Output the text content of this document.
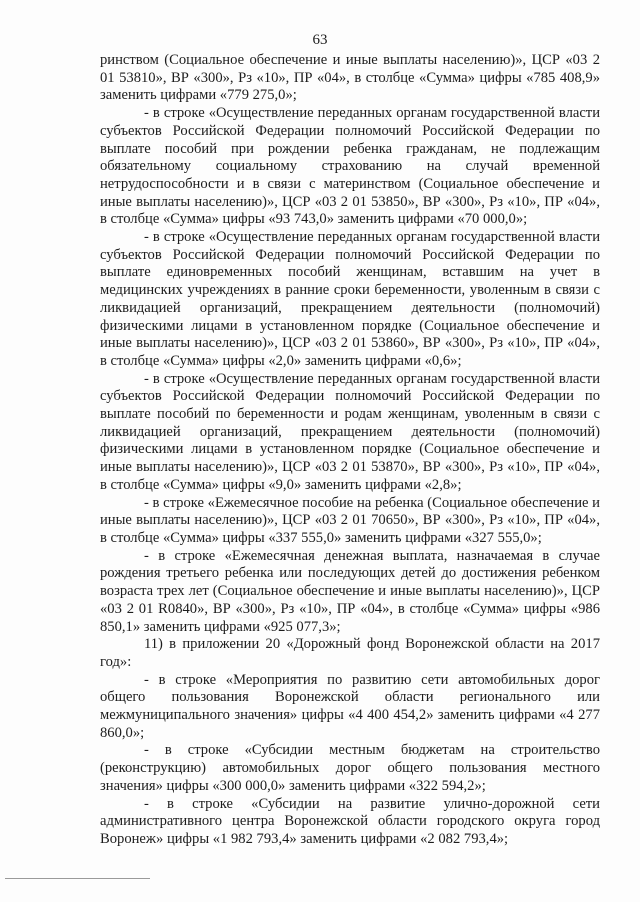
63

ринством (Социальное обеспечение и иные выплаты населению)», ЦСР «03 2 01 53810», ВР «300», Рз «10», ПР «04», в столбце «Сумма» цифры «785 408,9» заменить цифрами «779 275,0»;

- в строке «Осуществление переданных органам государственной власти субъектов Российской Федерации полномочий Российской Федерации по выплате пособий при рождении ребенка гражданам, не подлежащим обязательному социальному страхованию на случай временной нетрудоспособности и в связи с материнством (Социальное обеспечение и иные выплаты населению)», ЦСР «03 2 01 53850», ВР «300», Рз «10», ПР «04», в столбце «Сумма» цифры «93 743,0» заменить цифрами «70 000,0»;

- в строке «Осуществление переданных органам государственной власти субъектов Российской Федерации полномочий Российской Федерации по выплате единовременных пособий женщинам, вставшим на учет в медицинских учреждениях в ранние сроки беременности, уволенным в связи с ликвидацией организаций, прекращением деятельности (полномочий) физическими лицами в установленном порядке (Социальное обеспечение и иные выплаты населению)», ЦСР «03 2 01 53860», ВР «300», Рз «10», ПР «04», в столбце «Сумма» цифры «2,0» заменить цифрами «0,6»;

- в строке «Осуществление переданных органам государственной власти субъектов Российской Федерации полномочий Российской Федерации по выплате пособий по беременности и родам женщинам, уволенным в связи с ликвидацией организаций, прекращением деятельности (полномочий) физическими лицами в установленном порядке (Социальное обеспечение и иные выплаты населению)», ЦСР «03 2 01 53870», ВР «300», Рз «10», ПР «04», в столбце «Сумма» цифры «9,0» заменить цифрами «2,8»;

- в строке «Ежемесячное пособие на ребенка (Социальное обеспечение и иные выплаты населению)», ЦСР «03 2 01 70650», ВР «300», Рз «10», ПР «04», в столбце «Сумма» цифры «337 555,0» заменить цифрами «327 555,0»;

- в строке «Ежемесячная денежная выплата, назначаемая в случае рождения третьего ребенка или последующих детей до достижения ребенком возраста трех лет (Социальное обеспечение и иные выплаты населению)», ЦСР «03 2 01 R0840», ВР «300», Рз «10», ПР «04», в столбце «Сумма» цифры «986 850,1» заменить цифрами «925 077,3»;

11) в приложении 20 «Дорожный фонд Воронежской области на 2017 год»:

- в строке «Мероприятия по развитию сети автомобильных дорог общего пользования Воронежской области регионального или межмуниципального значения» цифры «4 400 454,2» заменить цифрами «4 277 860,0»;

- в строке «Субсидии местным бюджетам на строительство (реконструкцию) автомобильных дорог общего пользования местного значения» цифры «300 000,0» заменить цифрами «322 594,2»;

- в строке «Субсидии на развитие улично-дорожной сети административного центра Воронежской области городского округа город Воронеж» цифры «1 982 793,4» заменить цифрами «2 082 793,4»;
